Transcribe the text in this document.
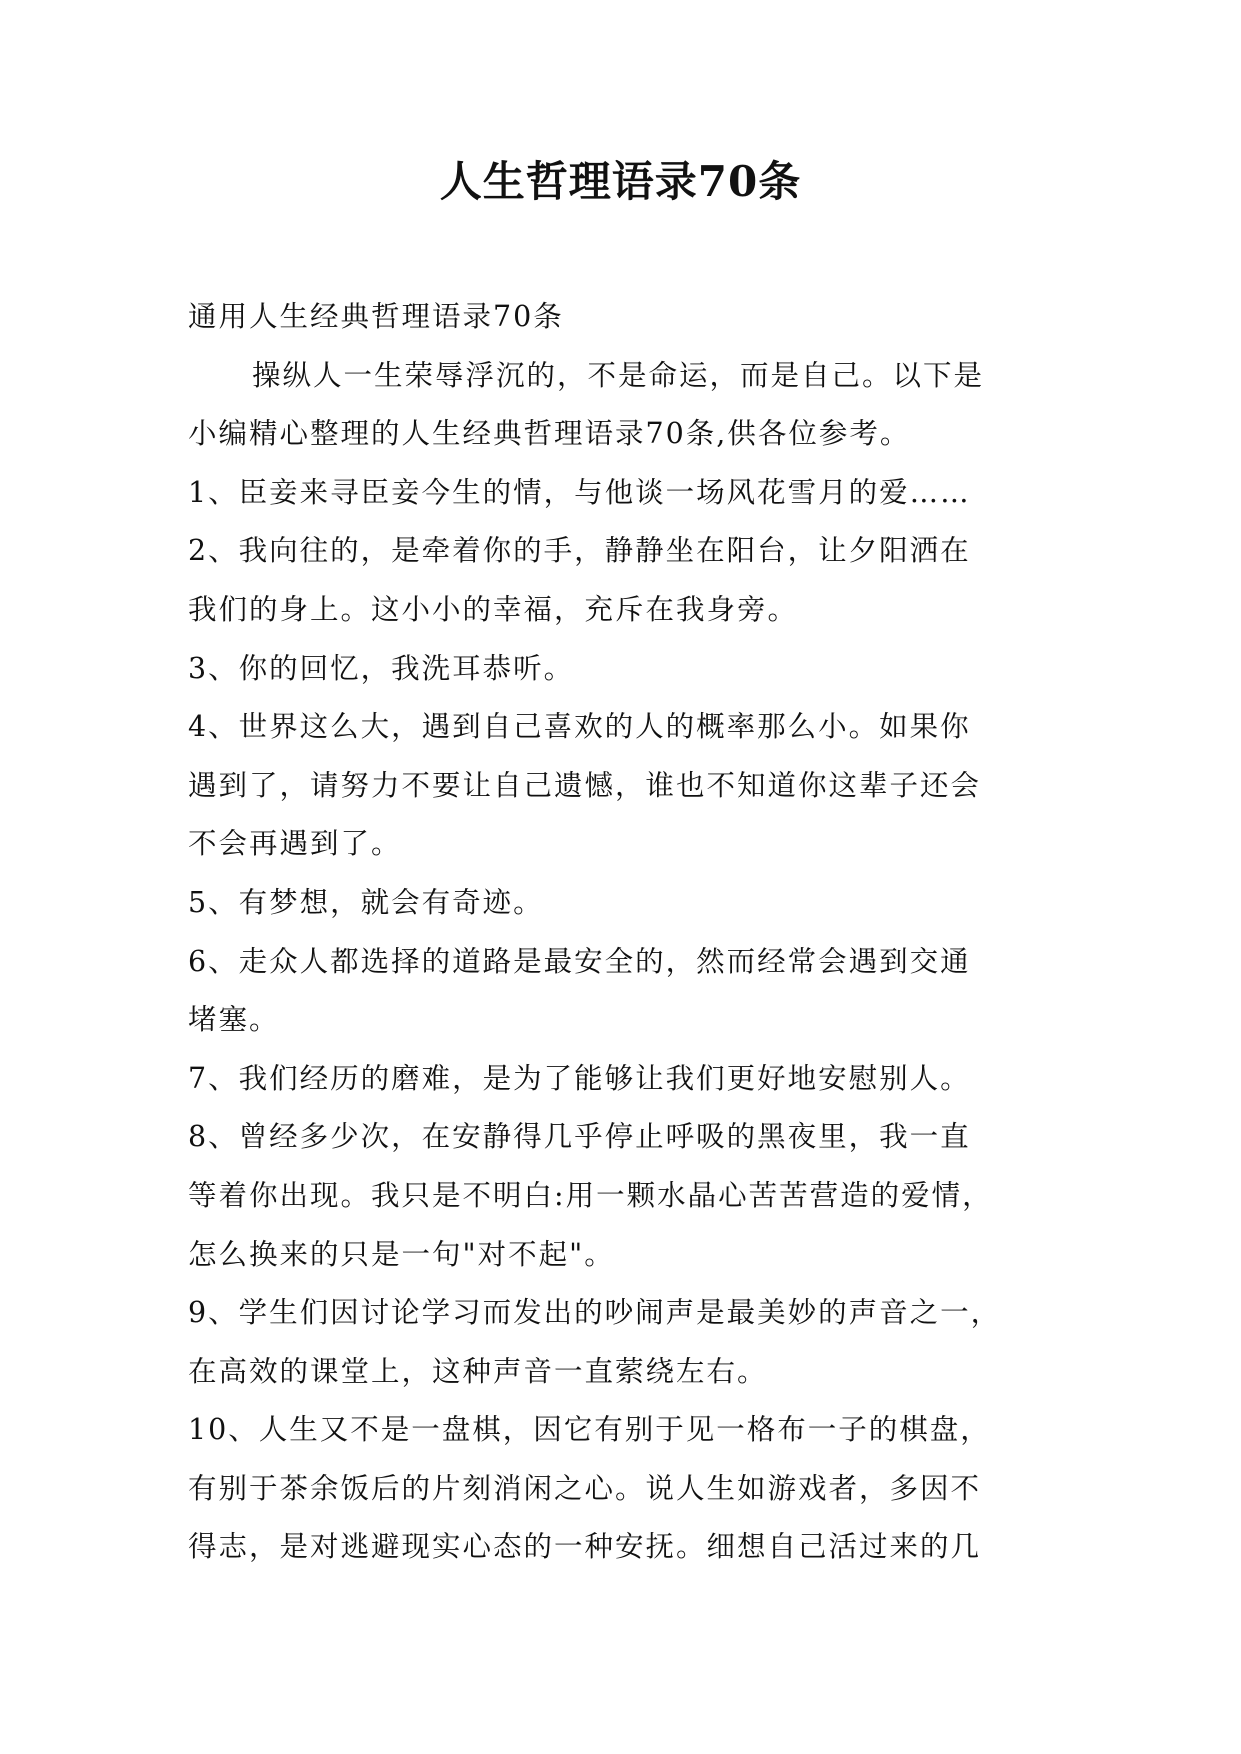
人生哲理语录70条

通用人生经典哲理语录70条

操纵人一生荣辱浮沉的，不是命运，而是自己。以下是

小编精心整理的人生经典哲理语录70条,供各位参考。

1、臣妾来寻臣妾今生的情，与他谈一场风花雪月的爱……

2、我向往的，是牵着你的手，静静坐在阳台，让夕阳洒在

我们的身上。这小小的幸福，充斥在我身旁。

3、你的回忆，我洗耳恭听。

4、世界这么大，遇到自己喜欢的人的概率那么小。如果你

遇到了，请努力不要让自己遗憾，谁也不知道你这辈子还会

不会再遇到了。

5、有梦想，就会有奇迹。

6、走众人都选择的道路是最安全的，然而经常会遇到交通

堵塞。

7、我们经历的磨难，是为了能够让我们更好地安慰别人。

8、曾经多少次，在安静得几乎停止呼吸的黑夜里，我一直

等着你出现。我只是不明白:用一颗水晶心苦苦营造的爱情，

怎么换来的只是一句"对不起"。

9、学生们因讨论学习而发出的吵闹声是最美妙的声音之一，

在高效的课堂上，这种声音一直萦绕左右。

10、人生又不是一盘棋，因它有别于见一格布一子的棋盘，

有别于茶余饭后的片刻消闲之心。说人生如游戏者，多因不

得志，是对逃避现实心态的一种安抚。细想自己活过来的几
